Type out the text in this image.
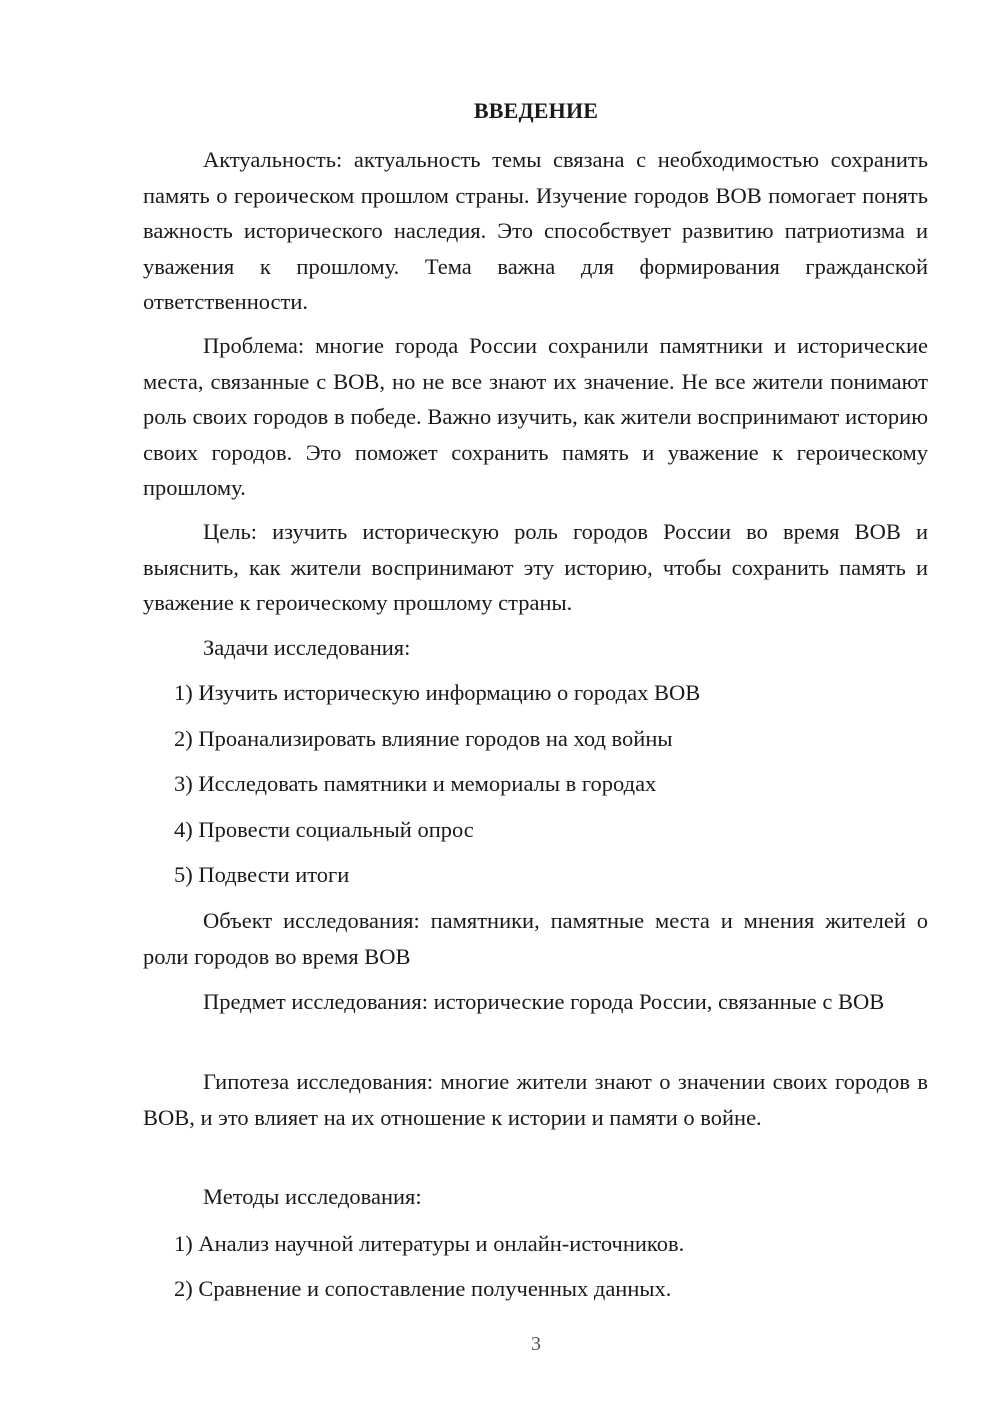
ВВЕДЕНИЕ

Актуальность: актуальность темы связана с необходимостью сохранить память о героическом прошлом страны. Изучение городов ВОВ помогает понять важность исторического наследия. Это способствует развитию патриотизма и уважения к прошлому. Тема важна для формирования гражданской ответственности.

Проблема: многие города России сохранили памятники и исторические места, связанные с ВОВ, но не все знают их значение. Не все жители понимают роль своих городов в победе. Важно изучить, как жители воспринимают историю своих городов. Это поможет сохранить память и уважение к героическому прошлому.

Цель: изучить историческую роль городов России во время ВОВ и выяснить, как жители воспринимают эту историю, чтобы сохранить память и уважение к героическому прошлому страны.

Задачи исследования:

1) Изучить историческую информацию о городах ВОВ

2) Проанализировать влияние городов на ход войны

3) Исследовать памятники и мемориалы в городах

4) Провести социальный опрос

5) Подвести итоги

Объект исследования: памятники, памятные места и мнения жителей о роли городов во время ВОВ

Предмет исследования: исторические города России, связанные с ВОВ

Гипотеза исследования: многие жители знают о значении своих городов в ВОВ, и это влияет на их отношение к истории и памяти о войне.

Методы исследования:

1) Анализ научной литературы и онлайн-источников.

2) Сравнение и сопоставление полученных данных.

3
